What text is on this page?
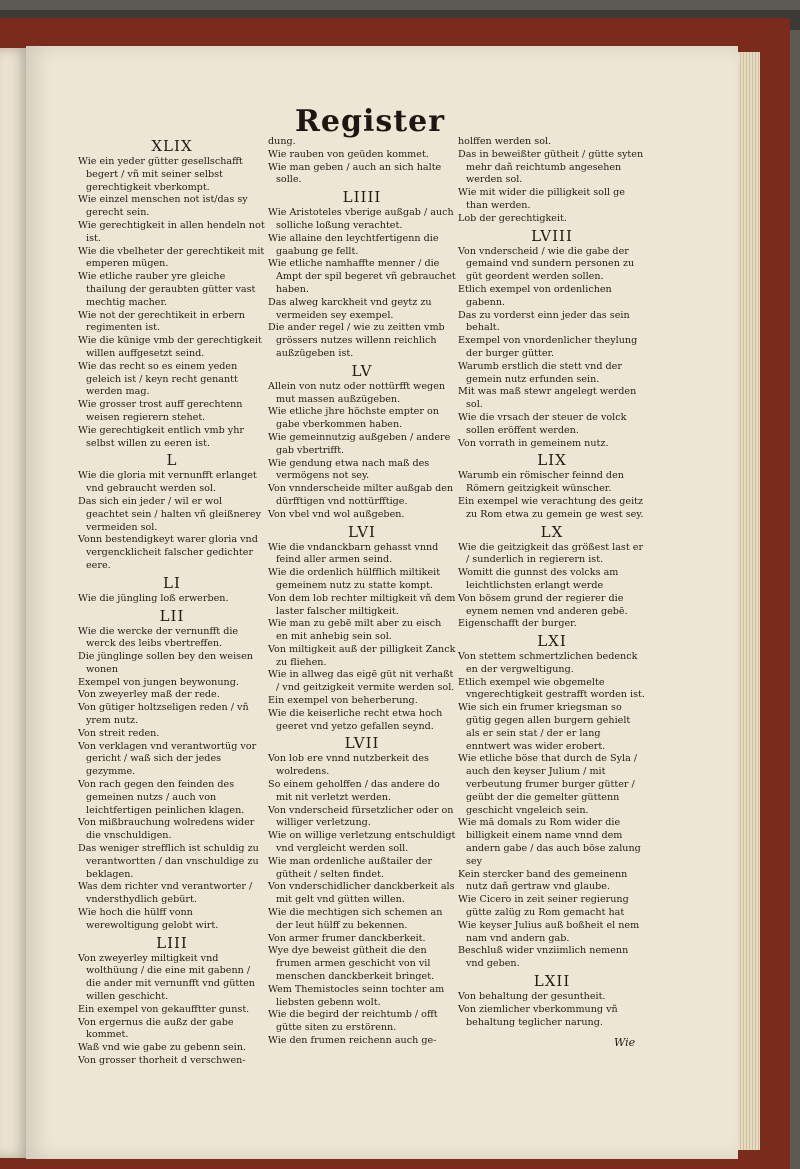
Register
XLIX
Wie ein yeder gütter gesellschafft begert / vñ mit seiner selbst gerechtigkeit vberkompt.
Wie einzel menschen not ist/das sy gerecht sein.
Wie gerechtigkeit in allen hendeln not ist.
Wie die vbelheter der gerechtikeit mit emperen mügen.
Wie etliche rauber yre gleiche thailung der geraubten gütter vast mechtig macher.
Wie not der gerechtikeit in erbern regimenten ist.
Wie die künige vmb der gerechtigkeit willen auffgesetzt seind.
Wie das recht so es einem yeden geleich ist / keyn recht genantt werden mag.
Wie grosser trost auff gerechtenn weisen regierern stehet.
Wie gerechtigkeit entlich vmb yhr selbst willen zu eeren ist.
L
Wie die gloria mit vernunfft erlanget vnd gebraucht werden sol.
Das sich ein jeder / wil er wol geachtet sein / halten vñ gleißnerey vermeiden sol.
Vonn bestendigkeyt warer gloria vnd vergencklicheit falscher gedichter eere.
LI
Wie die jüngling loß erwerben.
LII
Wie die wercke der vernunfft die werck des leibs vbertreffen.
Die jünglinge sollen bey den weisen wonen
Exempel von jungen beywonung.
Von zweyerley maß der rede.
Von gütiger holtzseligen reden / vñ yrem nutz.
Von streit reden.
Von verklagen vnd verantwortüg vor gericht / waß sich der jedes gezymme.
Von rach gegen den feinden des gemeinen nutzs / auch von leichtfertigen peinlichen klagen.
Von mißbrauchung wolredens wider die vnschuldigen.
Das weniger strefflich ist schuldig zu verantwortten / dan vnschuldige zu beklagen.
Was dem richter vnd verantworter / vndersthydlich gebürt.
Wie hoch die hülff vonn werewoltigung gelobt wirt.
LIII
Von zweyerley miltigkeit vnd wolthüung / die eine mit gabenn / die ander mit vernunfft vnd gütten willen geschicht.
Ein exempel von gekaufftter gunst.
Von ergernus die außz der gabe kommet.
Waß vnd wie gabe zu gebenn sein.
Von grosser thorheit d verschwen-
dung.
Wie rauben von geüden kommet.
Wie man geben / auch an sich halte solle.
LIIII
Wie Aristoteles vberige außgab / auch solliche loßung verachtet.
Wie allaine den leychtfertigenn die gaabung ge fellt.
Wie etliche namhaffte menner / die Ampt der spil begeret vñ gebrauchet haben.
Das alweg karckheit vnd geytz zu vermeiden sey exempel.
Die ander regel / wie zu zeitten vmb grössers nutzes willenn reichlich außzügeben ist.
LV
Allein von nutz oder nottürfft wegen mut massen außzügeben.
Wie etliche jhre höchste empter on gabe vberkommen haben.
Wie gemeinnutzig außgeben / andere gab vbertrifft.
Wie gendung etwa nach maß des vermögens not sey.
Von vnnderscheide milter außgab den dürfftigen vnd nottürfftige.
Von vbel vnd wol außgeben.
LVI
Wie die vndanckbarn gehasst vnnd feind aller armen seind.
Wie die ordenlich hülfflich miltikeit gemeinem nutz zu statte kompt.
Von dem lob rechter miltigkeit vñ dem laster falscher miltigkeit.
Wie man zu gebē milt aber zu eisch en mit anhebig sein sol.
Von miltigkeit auß der pilligkeit Zanck zu fliehen.
Wie in allweg das eigē güt nit verhaßt / vnd geitzigkeit vermite werden sol.
Ein exempel von beherberung.
Wie die keiserliche recht etwa hoch geeret vnd yetzo gefallen seynd.
LVII
Von lob ere vnnd nutzberkeit des wolredens.
So einem geholffen / das andere do mit nit verletzt werden.
Von vnderscheid fürsetzlicher oder on williger verletzung.
Wie on willige verletzung entschuldigt vnd vergleicht werden soll.
Wie man ordenliche außtailer der gütheit / selten findet.
Von vnderschidlicher danckberkeit als mit gelt vnd gütten willen.
Wie die mechtigen sich schemen an der leut hülff zu bekennen.
Von armer frumer danckberkeit.
Wye dye beweist gütheit die den frumen armen geschicht von vil menschen danckberkeit bringet.
Wem Themistocles seinn tochter am liebsten gebenn wolt.
Wie die begird der reichtumb / offt gütte siten zu erstörenn.
Wie den frumen reichenn auch ge-
holffen werden sol.
Das in beweißter gütheit / gütte syten mehr dañ reichtumb angesehen werden sol.
Wie mit wider die pilligkeit soll ge than werden.
Lob der gerechtigkeit.
LVIII
Von vnderscheid / wie die gabe der gemaind vnd sundern personen zu güt geordent werden sollen.
Etlich exempel von ordenlichen gabenn.
Das zu vorderst einn jeder das sein behalt.
Exempel von vnordenlicher theylung der burger gütter.
Warumb erstlich die stett vnd der gemein nutz erfunden sein.
Mit was maß stewr angelegt werden sol.
Wie die vrsach der steuer de volck sollen eröffent werden.
Von vorrath in gemeinem nutz.
LIX
Warumb ein römischer feinnd den Römern geitzigkeit wünscher.
Ein exempel wie verachtung des geitz zu Rom etwa zu gemein ge west sey.
LX
Wie die geitzigkeit das größest last er / sunderlich in regierern ist.
Womitt die gunnst des volcks am leichtlichsten erlangt werde
Von bösem grund der regierer die eynem nemen vnd anderen gebē.
Eigenschafft der burger.
LXI
Von stettem schmertzlichen bedenck en der vergweltigung.
Etlich exempel wie obgemelte vngerechtigkeit gestrafft worden ist.
Wie sich ein frumer kriegsman so gütig gegen allen burgern gehielt als er sein stat / der er lang enntwert was wider erobert.
Wie etliche böse that durch de Syla / auch den keyser Julium / mit verbeutung frumer burger gütter / geübt der die gemelter güttenn geschicht vngeleich sein.
Wie mā domals zu Rom wider die billigkeit einem name vnnd dem andern gabe / das auch böse zalung sey
Kein stercker band des gemeinenn nutz dañ gertraw vnd glaube.
Wie Cicero in zeit seiner regierung gütte zalüg zu Rom gemacht hat
Wie keyser Julius auß boßheit el nem nam vnd andern gab.
Beschluß wider vnziimlich nemenn vnd geben.
LXII
Von behaltung der gesuntheit.
Von ziemlicher vberkommung vñ behaltung teglicher narung.
Wie
